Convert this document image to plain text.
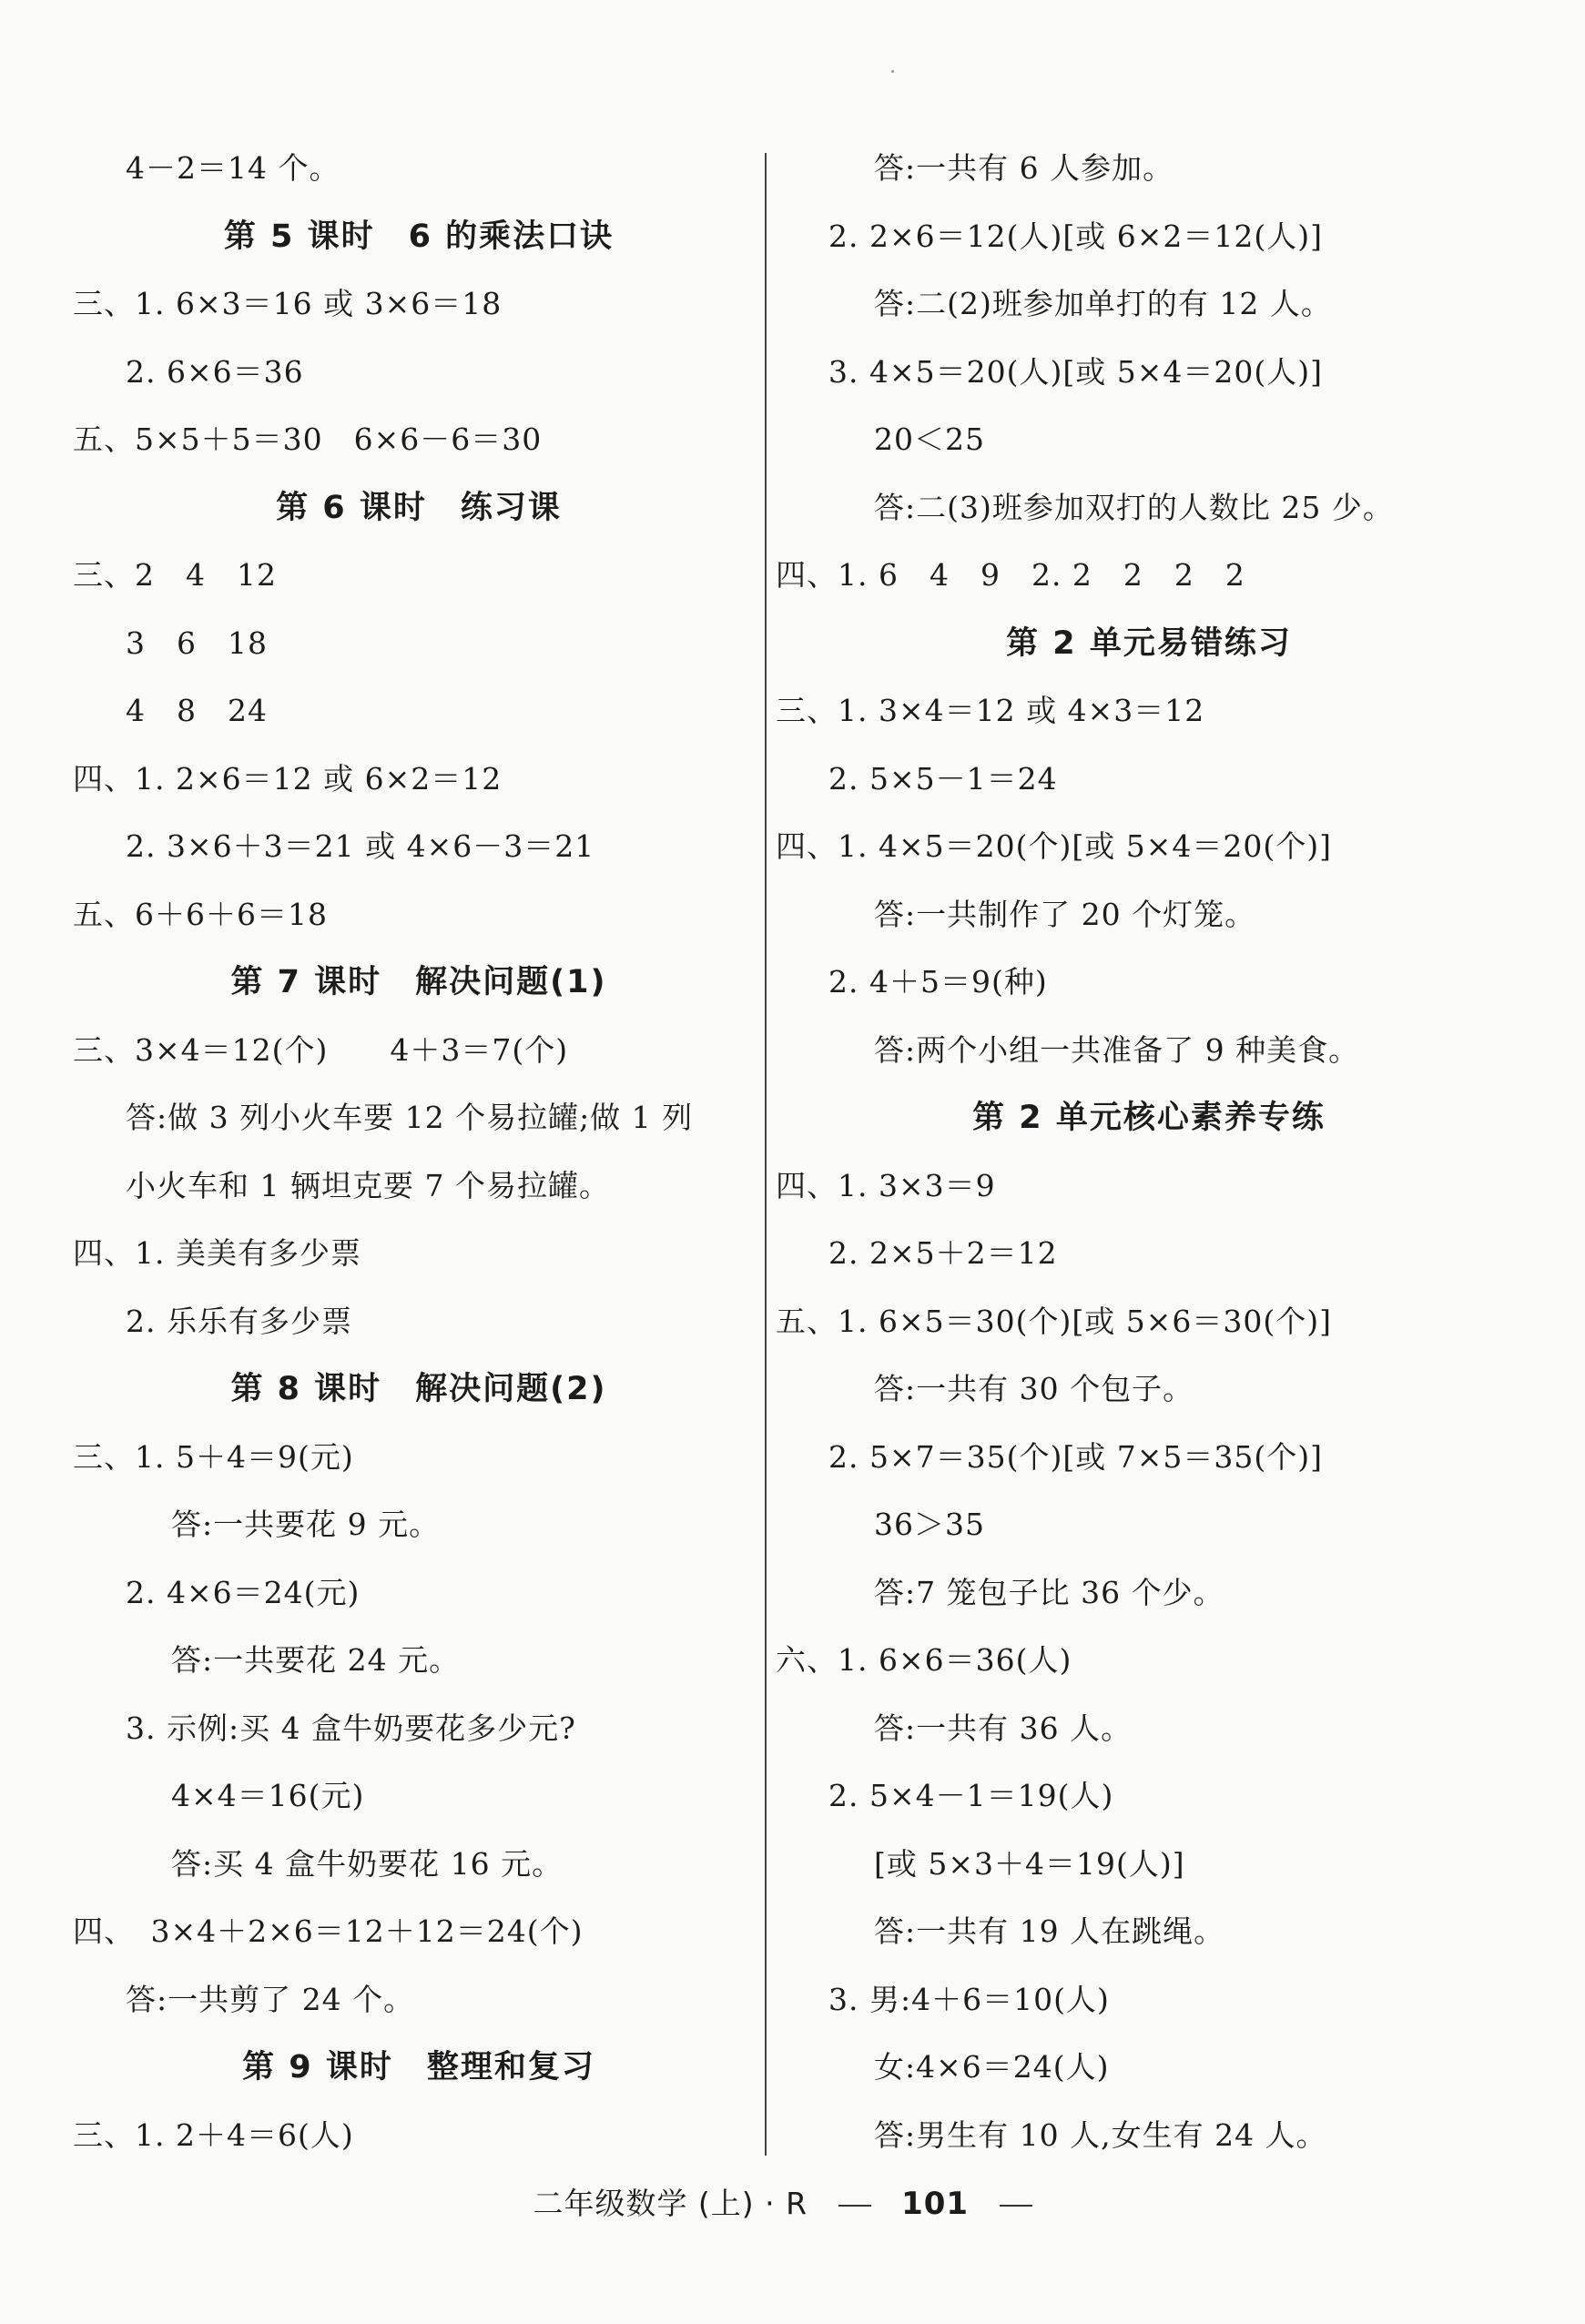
4－2＝14 个。
第 5 课时　6 的乘法口诀
三、1. 6×3＝16 或 3×6＝18
2. 6×6＝36
五、5×5＋5＝30　6×6－6＝30
第 6 课时　练习课
三、2　4　12
3　6　18
4　8　24
四、1. 2×6＝12 或 6×2＝12
2. 3×6＋3＝21 或 4×6－3＝21
五、6＋6＋6＝18
第 7 课时　解决问题(1)
三、3×4＝12(个)　　4＋3＝7(个)
答:做 3 列小火车要 12 个易拉罐;做 1 列
小火车和 1 辆坦克要 7 个易拉罐。
四、1. 美美有多少票
2. 乐乐有多少票
第 8 课时　解决问题(2)
三、1. 5＋4＝9(元)
答:一共要花 9 元。
2. 4×6＝24(元)
答:一共要花 24 元。
3. 示例:买 4 盒牛奶要花多少元?
4×4＝16(元)
答:买 4 盒牛奶要花 16 元。
四、　3×4＋2×6＝12＋12＝24(个)
答:一共剪了 24 个。
第 9 课时　整理和复习
三、1. 2＋4＝6(人)
答:一共有 6 人参加。
2. 2×6＝12(人)[或 6×2＝12(人)]
答:二(2)班参加单打的有 12 人。
3. 4×5＝20(人)[或 5×4＝20(人)]
20＜25
答:二(3)班参加双打的人数比 25 少。
四、1. 6　4　9　2. 2　2　2　2
第 2 单元易错练习
三、1. 3×4＝12 或 4×3＝12
2. 5×5－1＝24
四、1. 4×5＝20(个)[或 5×4＝20(个)]
答:一共制作了 20 个灯笼。
2. 4＋5＝9(种)
答:两个小组一共准备了 9 种美食。
第 2 单元核心素养专练
四、1. 3×3＝9
2. 2×5＋2＝12
五、1. 6×5＝30(个)[或 5×6＝30(个)]
答:一共有 30 个包子。
2. 5×7＝35(个)[或 7×5＝35(个)]
36＞35
答:7 笼包子比 36 个少。
六、1. 6×6＝36(人)
答:一共有 36 人。
2. 5×4－1＝19(人)
[或 5×3＋4＝19(人)]
答:一共有 19 人在跳绳。
3. 男:4＋6＝10(人)
女:4×6＝24(人)
答:男生有 10 人,女生有 24 人。
二年级数学 (上) · R	101
